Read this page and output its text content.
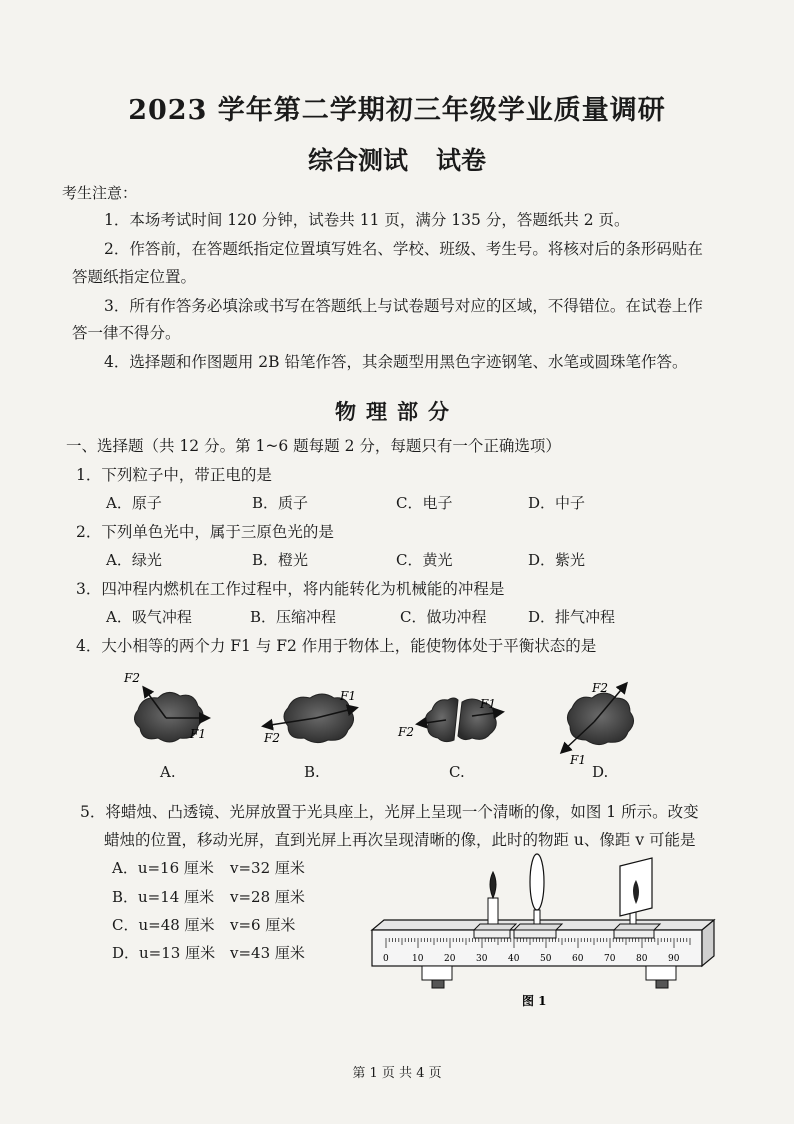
2023 学年第二学期初三年级学业质量调研
综合测试 试卷
考生注意：
1．本场考试时间 120 分钟，试卷共 11 页，满分 135 分，答题纸共 2 页。
2．作答前，在答题纸指定位置填写姓名、学校、班级、考生号。将核对后的条形码贴在
答题纸指定位置。
3．所有作答务必填涂或书写在答题纸上与试卷题号对应的区域，不得错位。在试卷上作
答一律不得分。
4．选择题和作图题用 2B 铅笔作答，其余题型用黑色字迹钢笔、水笔或圆珠笔作答。
物理部分
一、选择题（共 12 分。第 1~6 题每题 2 分，每题只有一个正确选项）
1．下列粒子中，带正电的是
A．原子	B．质子	C．电子	D．中子
2．下列单色光中，属于三原色光的是
A．绿光	B．橙光	C．黄光	D．紫光
3．四冲程内燃机在工作过程中，将内能转化为机械能的冲程是
A．吸气冲程	B．压缩冲程	C．做功冲程	D．排气冲程
4．大小相等的两个力 F1 与 F2 作用于物体上，能使物体处于平衡状态的是
F2
F1
F1
F2
F1
F2
F2
F1
A.	B.	C.	D.
5．将蜡烛、凸透镜、光屏放置于光具座上，光屏上呈现一个清晰的像，如图 1 所示。改变
蜡烛的位置，移动光屏，直到光屏上再次呈现清晰的像，此时的物距 u、像距 v 可能是
A．u=16 厘米 v=32 厘米
B．u=14 厘米 v=28 厘米
C．u=48 厘米 v=6 厘米
D．u=13 厘米 v=43 厘米	0	10 20 30 40 50 60 70 80 90
图 1
第 1 页 共 4 页
